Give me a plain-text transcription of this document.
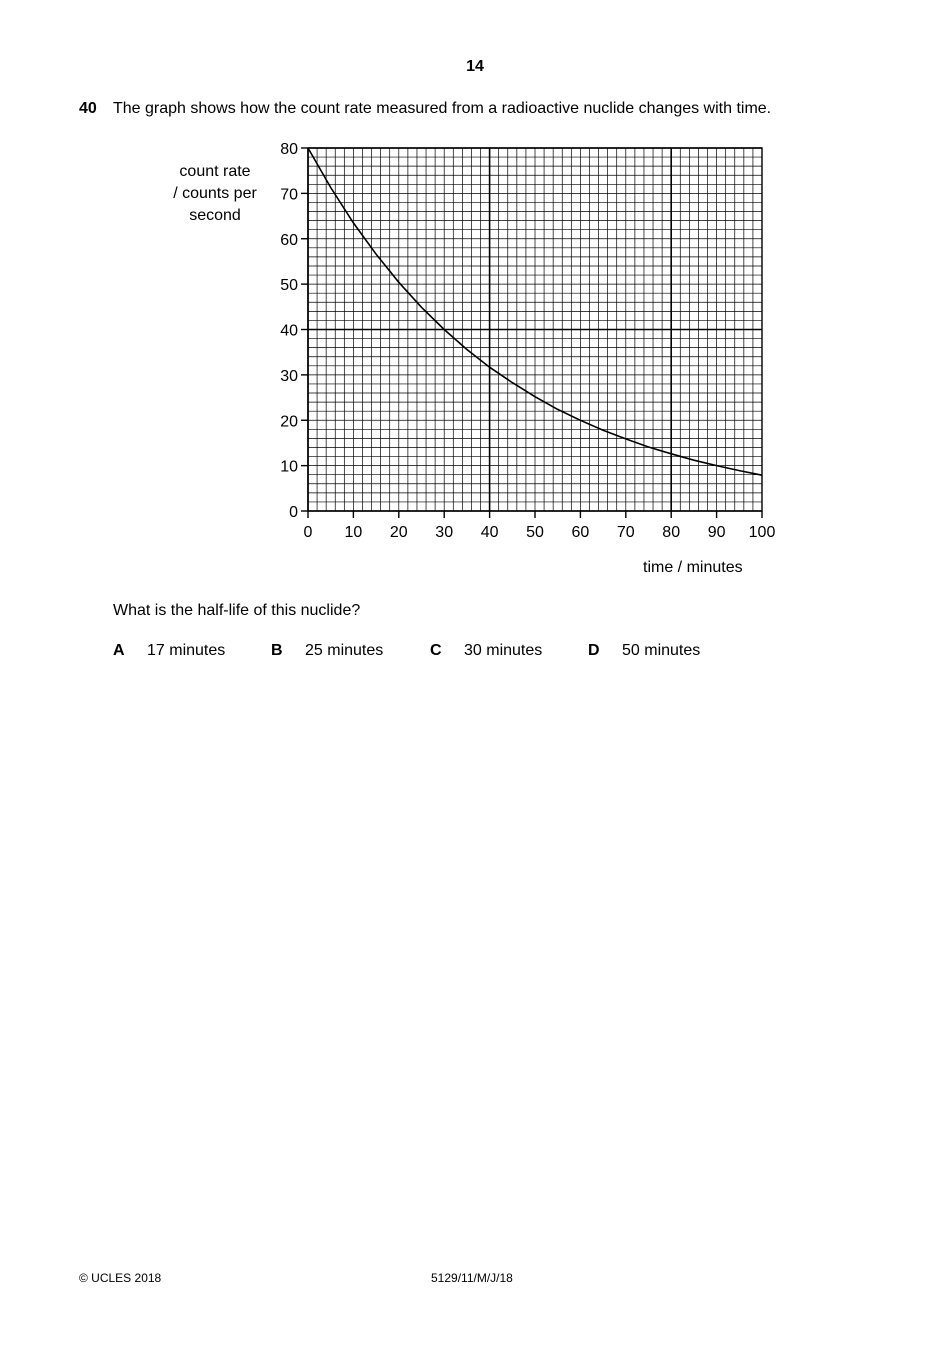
14
40 The graph shows how the count rate measured from a radioactive nuclide changes with time.
count rate
/ counts per
second
0 10 20 30 40 50 60 70 80 90 100
0
10
20
30
40
50
60
70
80
time / minutes
What is the half-life of this nuclide?
A 17 minutes	B 25 minutes	C 30 minutes	D 50 minutes
© UCLES 2018	5129/11/M/J/18
